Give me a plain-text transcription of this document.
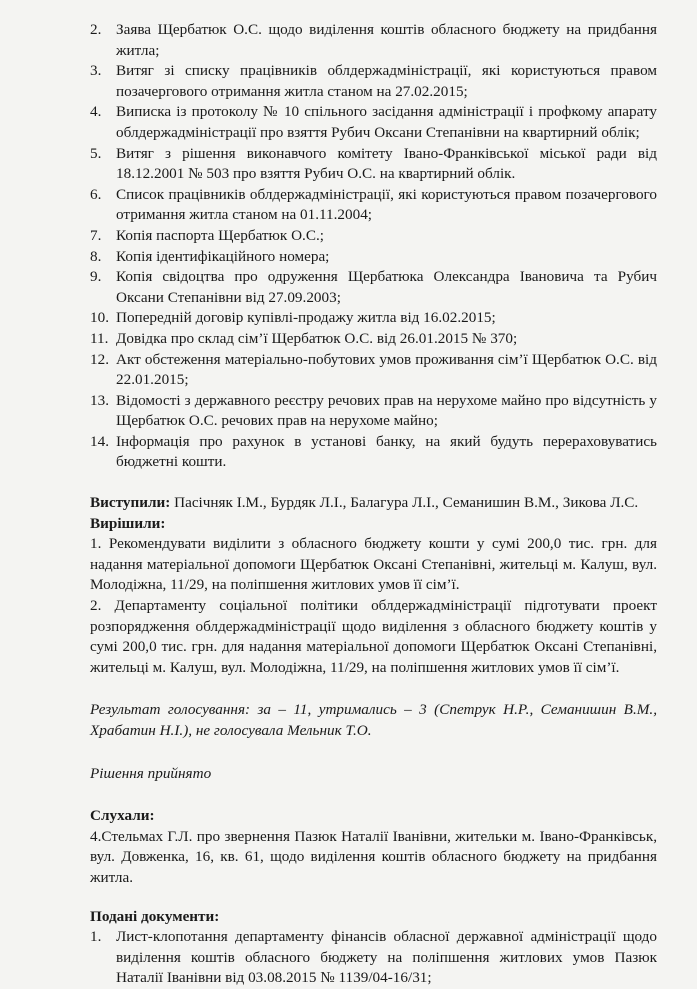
2. Заява Щербатюк О.С. щодо виділення коштів обласного бюджету на придбання житла;
3. Витяг зі списку працівників облдержадміністрації, які користуються правом позачергового отримання житла станом на 27.02.2015;
4. Виписка із протоколу № 10 спільного засідання адміністрації і профкому апарату облдержадміністрації про взяття Рубич Оксани Степанівни на квартирний облік;
5. Витяг з рішення виконавчого комітету Івано-Франківської міської ради від 18.12.2001 № 503 про взяття Рубич О.С. на квартирний облік.
6. Список працівників облдержадміністрації, які користуються правом позачергового отримання житла станом на 01.11.2004;
7. Копія паспорта Щербатюк О.С.;
8. Копія ідентифікаційного номера;
9. Копія свідоцтва про одруження Щербатюка Олександра Івановича та Рубич Оксани Степанівни від 27.09.2003;
10. Попередній договір купівлі-продажу житла від 16.02.2015;
11. Довідка про склад сім’ї Щербатюк О.С. від 26.01.2015 № 370;
12. Акт обстеження матеріально-побутових умов проживання сім’ї Щербатюк О.С. від 22.01.2015;
13. Відомості з державного реєстру речових прав на нерухоме майно про відсутність у Щербатюк О.С. речових прав на нерухоме майно;
14. Інформація про рахунок в установі банку, на який будуть перераховуватись бюджетні кошти.
Виступили: Пасічняк І.М., Бурдяк Л.І., Балагура Л.І., Семанишин В.М., Зикова Л.С.
Вирішили:
1. Рекомендувати виділити з обласного бюджету кошти у сумі 200,0 тис. грн. для надання матеріальної допомоги Щербатюк Оксані Степанівні, жительці м. Калуш, вул. Молодіжна, 11/29, на поліпшення житлових умов її сім’ї.
2. Департаменту соціальної політики облдержадміністрації підготувати проект розпорядження облдержадміністрації щодо виділення з обласного бюджету коштів у сумі 200,0 тис. грн. для надання матеріальної допомоги Щербатюк Оксані Степанівні, жительці м. Калуш, вул. Молодіжна, 11/29, на поліпшення житлових умов її сім’ї.
Результат голосування: за – 11, утримались – 3 (Спетрук Н.Р., Семанишин В.М., Храбатин Н.І.), не голосувала Мельник Т.О.
Рішення прийнято
Слухали:
4.Стельмах Г.Л. про звернення Пазюк Наталії Іванівни, жительки м. Івано-Франківськ, вул. Довженка, 16, кв. 61, щодо виділення коштів обласного бюджету на придбання житла.
Подані документи:
1. Лист-клопотання департаменту фінансів обласної державної адміністрації щодо виділення коштів обласного бюджету на поліпшення житлових умов Пазюк Наталії Іванівни від 03.08.2015 № 1139/04-16/31;
